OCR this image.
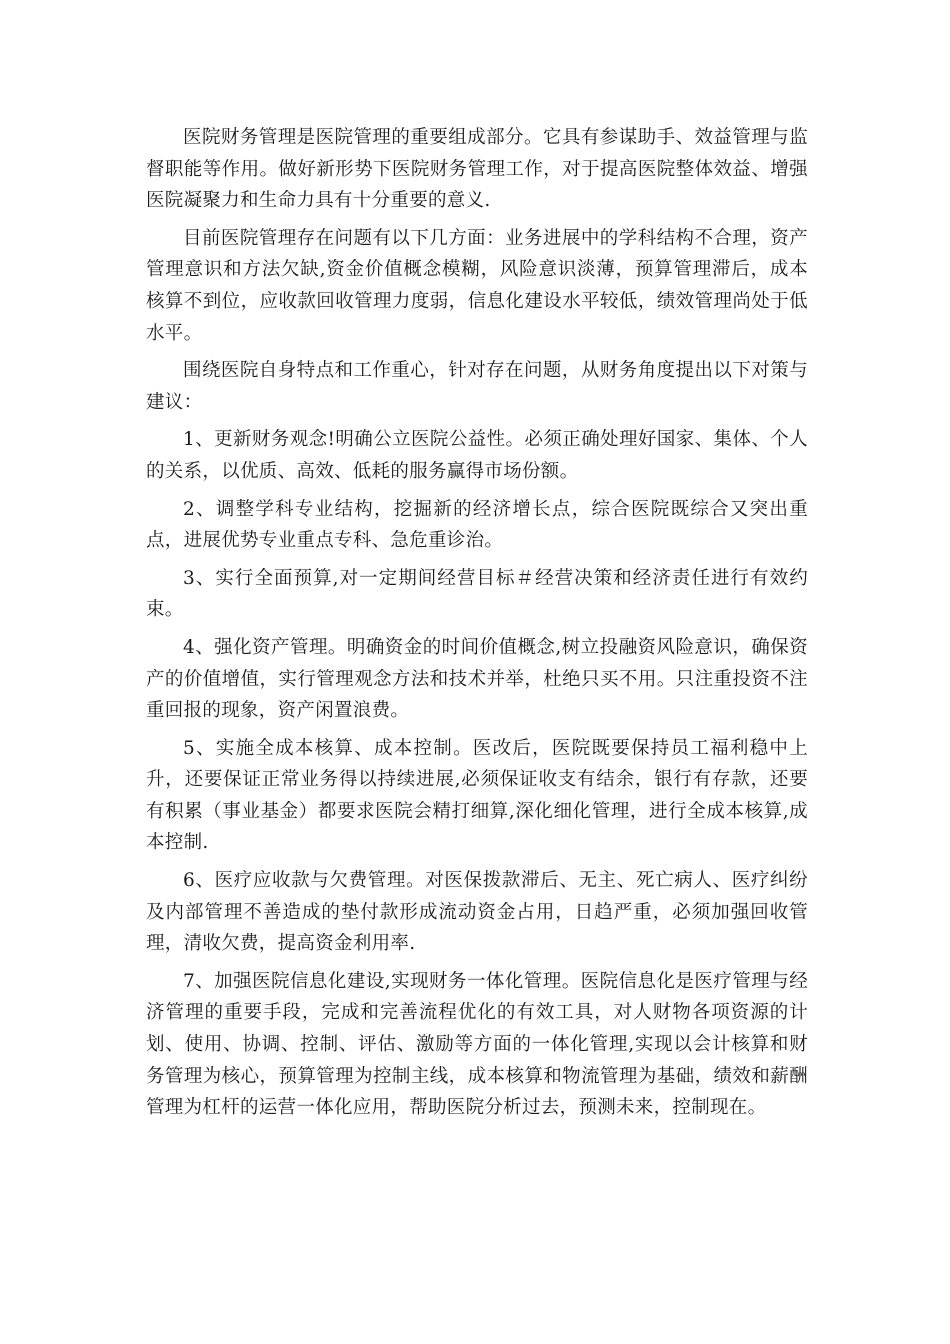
医院财务管理是医院管理的重要组成部分。它具有参谋助手、效益管理与监督职能等作用。做好新形势下医院财务管理工作，对于提高医院整体效益、增强医院凝聚力和生命力具有十分重要的意义.

目前医院管理存在问题有以下几方面：业务进展中的学科结构不合理，资产管理意识和方法欠缺,资金价值概念模糊，风险意识淡薄，预算管理滞后，成本核算不到位，应收款回收管理力度弱，信息化建设水平较低，绩效管理尚处于低水平。

围绕医院自身特点和工作重心，针对存在问题，从财务角度提出以下对策与建议：

1、更新财务观念!明确公立医院公益性。必须正确处理好国家、集体、个人的关系，以优质、高效、低耗的服务赢得市场份额。

2、调整学科专业结构，挖掘新的经济增长点，综合医院既综合又突出重点，进展优势专业重点专科、急危重诊治。

3、实行全面预算,对一定期间经营目标＃经营决策和经济责任进行有效约束。

4、强化资产管理。明确资金的时间价值概念,树立投融资风险意识，确保资产的价值增值，实行管理观念方法和技术并举，杜绝只买不用。只注重投资不注重回报的现象，资产闲置浪费。

5、实施全成本核算、成本控制。医改后，医院既要保持员工福利稳中上升，还要保证正常业务得以持续进展,必须保证收支有结余，银行有存款，还要有积累（事业基金）都要求医院会精打细算,深化细化管理，进行全成本核算,成本控制.

6、医疗应收款与欠费管理。对医保拨款滞后、无主、死亡病人、医疗纠纷及内部管理不善造成的垫付款形成流动资金占用，日趋严重，必须加强回收管理，清收欠费，提高资金利用率.

7、加强医院信息化建设,实现财务一体化管理。医院信息化是医疗管理与经济管理的重要手段，完成和完善流程优化的有效工具，对人财物各项资源的计划、使用、协调、控制、评估、激励等方面的一体化管理,实现以会计核算和财务管理为核心，预算管理为控制主线，成本核算和物流管理为基础，绩效和薪酬管理为杠杆的运营一体化应用，帮助医院分析过去，预测未来，控制现在。
